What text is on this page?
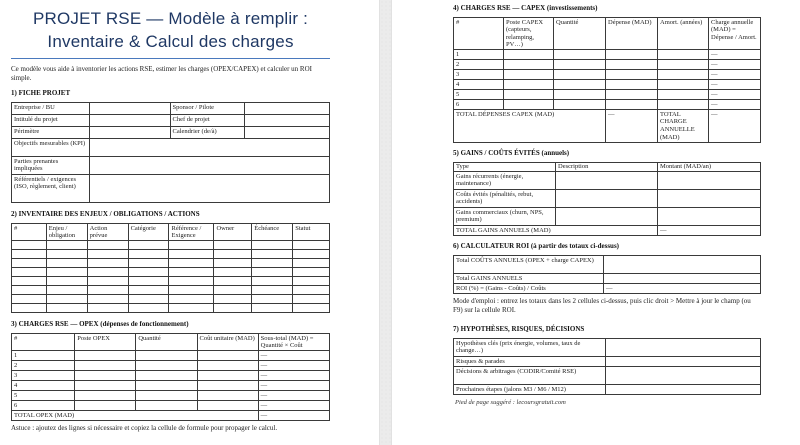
PROJET RSE — Modèle à remplir :
Inventaire & Calcul des charges

Ce modèle vous aide à inventorier les actions RSE, estimer les charges (OPEX/CAPEX) et calculer un ROI simple.

1) FICHE PROJET
Entreprise / BU		Sponsor / Pilote	
Intitulé du projet		Chef de projet	
Périmètre		Calendrier (de/à)	
Objectifs mesurables (KPI)			
Parties prenantes impliquées			
Référentiels / exigences (ISO, règlement, client)			
2) INVENTAIRE DES ENJEUX / OBLIGATIONS / ACTIONS
#	Enjeu / obligation	Action prévue	Catégorie	Référence / Exigence	Owner	Échéance	Statut

3) CHARGES RSE — OPEX (dépenses de fonctionnement)
#	Poste OPEX	Quantité	Coût unitaire (MAD)	Sous-total (MAD) = Quantité × Coût
1				—
2				—
3				—
4				—
5				—
6				—
TOTAL OPEX (MAD)				—

Astuce : ajoutez des lignes si nécessaire et copiez la cellule de formule pour propager le calcul.

4) CHARGES RSE — CAPEX (investissements)
#	Poste CAPEX (capteurs, relamping, PV…)	Quantité	Dépense (MAD)	Amort. (années)	Charge annuelle (MAD) = Dépense / Amort.
1					—
2					—
3					—
4					—
5					—
6					—
TOTAL DÉPENSES CAPEX (MAD)			—	TOTAL CHARGE ANNUELLE (MAD)	—
5) GAINS / COÛTS ÉVITÉS (annuels)
Type	Description	Montant (MAD/an)
Gains récurrents (énergie, maintenance)		
Coûts évités (pénalités, rebut, accidents)		
Gains commerciaux (churn, NPS, premium)		
TOTAL GAINS ANNUELS (MAD)		—
6) CALCULATEUR ROI (à partir des totaux ci-dessus)
Total COÛTS ANNUELS (OPEX + charge CAPEX)	
Total GAINS ANNUELS	
ROI (%) = (Gains - Coûts) / Coûts	—

Mode d'emploi : entrez les totaux dans les 2 cellules ci-dessus, puis clic droit > Mettre à jour le champ (ou F9) sur la cellule ROI.

7) HYPOTHÈSES, RISQUES, DÉCISIONS
Hypothèses clés (prix énergie, volumes, taux de change…)	
Risques & parades	
Décisions & arbitrages (CODIR/Comité RSE)	
Prochaines étapes (jalons M3 / M6 / M12)	

Pied de page suggéré : lecoursgratuit.com
